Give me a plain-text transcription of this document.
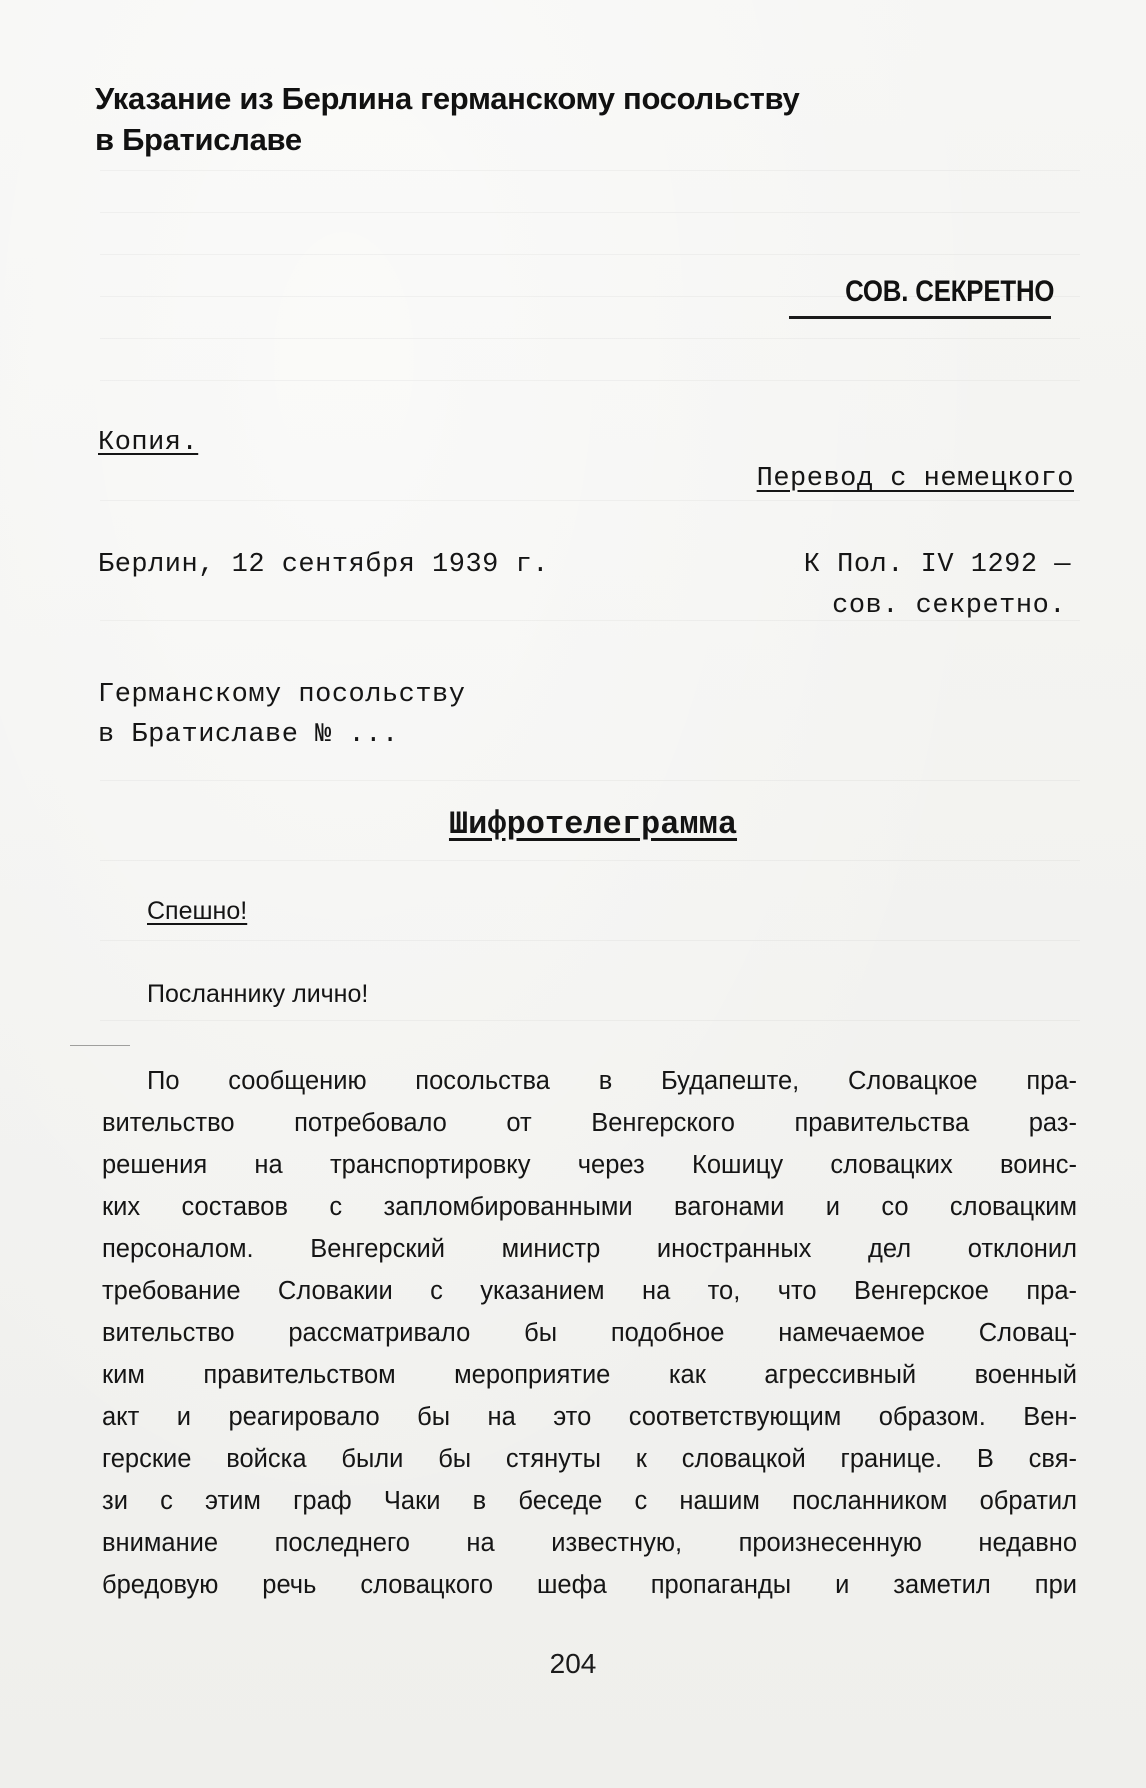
Указание из Берлина германскому посольству
в Братиславе
СОВ. СЕКРЕТНО
Копия.
Перевод с немецкого
Берлин, 12 сентября 1939 г.	К Пол. IV 1292 —
сов. секретно.
Германскому посольству
в Братиславе № ...
Шифротелеграмма
Спешно!
Посланнику лично!
По сообщению посольства в Будапеште, Словацкое пра-
вительство потребовало от Венгерского правительства раз-
решения на транспортировку через Кошицу словацких воинс-
ких составов с запломбированными вагонами и со словацким
персоналом. Венгерский министр иностранных дел отклонил
требование Словакии с указанием на то, что Венгерское пра-
вительство рассматривало бы подобное намечаемое Словац-
ким правительством мероприятие как агрессивный военный
акт и реагировало бы на это соответствующим образом. Вен-
герские войска были бы стянуты к словацкой границе. В свя-
зи с этим граф Чаки в беседе с нашим посланником обратил
внимание последнего на известную, произнесенную недавно
бредовую речь словацкого шефа пропаганды и заметил при
204
